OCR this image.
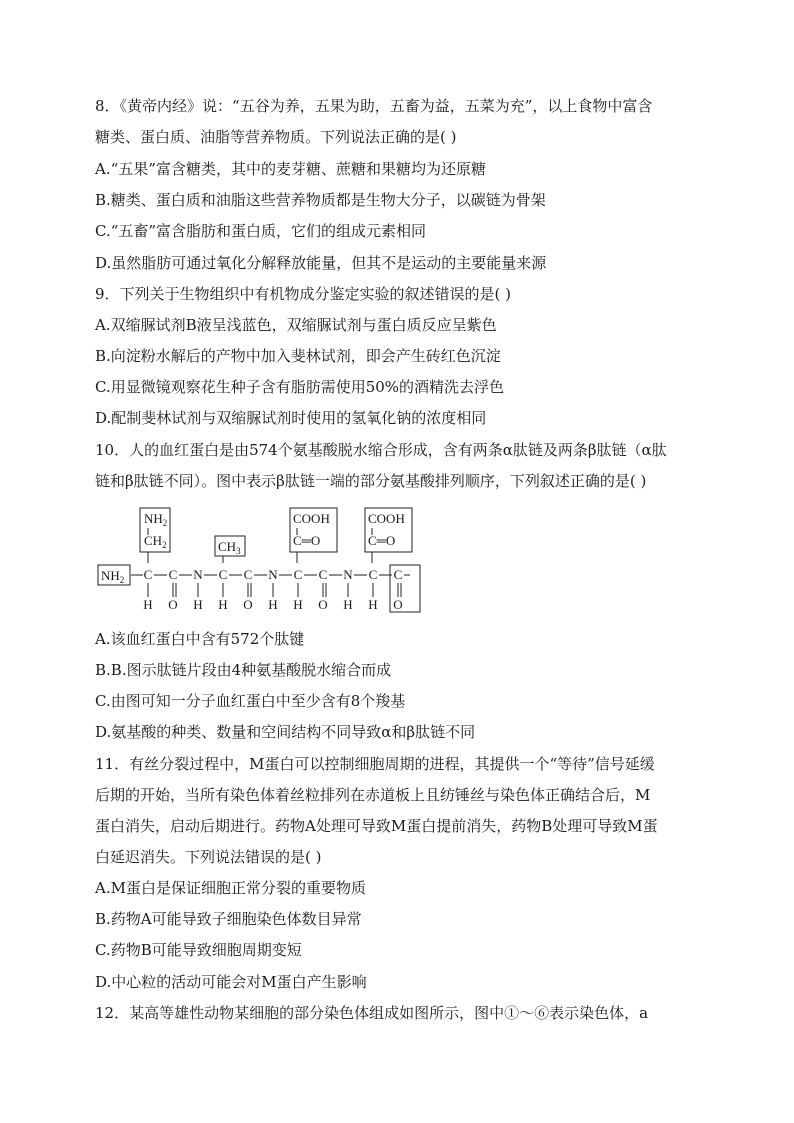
8．《黄帝内经》说：“五谷为养，五果为助，五畜为益，五菜为充”，以上食物中富含
糖类、蛋白质、油脂等营养物质。下列说法正确的是( )
A.“五果”富含糖类，其中的麦芽糖、蔗糖和果糖均为还原糖
B.糖类、蛋白质和油脂这些营养物质都是生物大分子，以碳链为骨架
C.“五畜”富含脂肪和蛋白质，它们的组成元素相同
D.虽然脂肪可通过氧化分解释放能量，但其不是运动的主要能量来源
9．下列关于生物组织中有机物成分鉴定实验的叙述错误的是( )
A.双缩脲试剂B液呈浅蓝色，双缩脲试剂与蛋白质反应呈紫色
B.向淀粉水解后的产物中加入斐林试剂，即会产生砖红色沉淀
C.用显微镜观察花生种子含有脂肪需使用50%的酒精洗去浮色
D.配制斐林试剂与双缩脲试剂时使用的氢氧化钠的浓度相同
10．人的血红蛋白是由574个氨基酸脱水缩合形成，含有两条α肽链及两条β肽链（α肽
链和β肽链不同）。图中表示β肽链一端的部分氨基酸排列顺序，下列叙述正确的是( )
$NH_2$
$CH_2$	$CH_3$
COOH
C═O
COOH
C═O
$NH_2$ C
H
C
O
N
H
C
H
C
O
N
H
C
H
C
O
N
H
C
H
C
O
A.该血红蛋白中含有572个肽键
B.B.图示肽链片段由4种氨基酸脱水缩合而成
C.由图可知一分子血红蛋白中至少含有8个羧基
D.氨基酸的种类、数量和空间结构不同导致α和β肽链不同
11．有丝分裂过程中，M蛋白可以控制细胞周期的进程，其提供一个“等待”信号延缓
后期的开始，当所有染色体着丝粒排列在赤道板上且纺锤丝与染色体正确结合后，M
蛋白消失，启动后期进行。药物A处理可导致M蛋白提前消失，药物B处理可导致M蛋
白延迟消失。下列说法错误的是( )
A.M蛋白是保证细胞正常分裂的重要物质
B.药物A可能导致子细胞染色体数目异常
C.药物B可能导致细胞周期变短
D.中心粒的活动可能会对M蛋白产生影响
12．某高等雄性动物某细胞的部分染色体组成如图所示，图中①～⑥表示染色体，a
